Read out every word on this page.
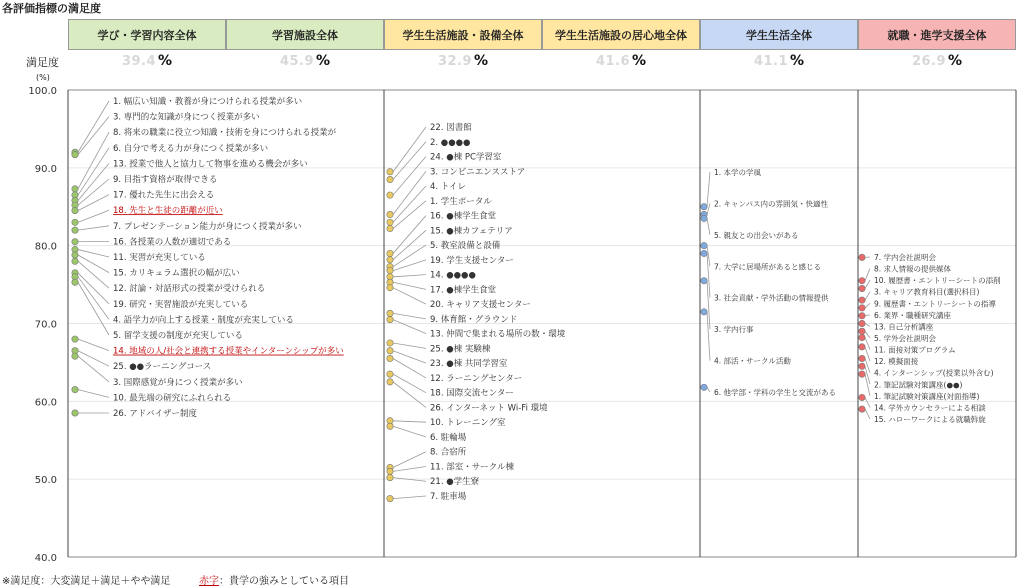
各評価指標の満足度
学び・学習内容全体	学習施設全体	学生生活施設・設備全体	学生生活施設の居心地全体	学生生活全体	就職・進学支援全体
満足度
(%)
39.4 %	45.9 %	32.9 %	41.6 %	41.1 %	26.9 %
100.0
90.0
80.0
70.0
60.0
50.0
40.0
1. 幅広い知識・教養が身につけられる授業が多い
3. 専門的な知識が身につく授業が多い
8. 将来の職業に役立つ知識・技術を身につけられる授業が
6. 自分で考える力が身につく授業が多い
13. 授業で他人と協力して物事を進める機会が多い
9. 目指す資格が取得できる
17. 優れた先生に出会える
18. 先生と生徒の距離が近い
7. プレゼンテーション能力が身につく授業が多い
16. 各授業の人数が適切である
11. 実習が充実している
15. カリキュラム選択の幅が広い
12. 討論・対話形式の授業が受けられる
19. 研究・実習施設が充実している
4. 語学力が向上する授業・制度が充実している
5. 留学支援の制度が充実している
14. 地域の人/社会と連携する授業やインターンシップが多い
25. ●●ラーニングコース
3. 国際感覚が身につく授業が多い
10. 最先端の研究にふれられる
26. アドバイザー制度
22. 図書館
2. ●●●●
24. ●棟 PC学習室
3. コンビニエンスストア
4. トイレ
1. 学生ポータル
16. ●棟学生食堂
15. ●棟カフェテリア
5. 教室設備と設備
19. 学生支援センター
14. ●●●●
17. ●棟学生食堂
20. キャリア支援センター
9. 体育館・グラウンド
13. 仲間で集まれる場所の数・環境
25. ●棟 実験棟
23. ●棟 共同学習室
12. ラーニングセンター
18. 国際交流センター
26. インターネット Wi-Fi 環境
10. トレーニング室
6. 駐輪場
8. 合宿所
11. 部室・サークル棟
21. ●学生寮
7. 駐車場
1. 本学の学風
2. キャンパス内の雰囲気・快適性
5. 親友との出会いがある
7. 大学に居場所があると感じる
3. 社会貢献・学外活動の情報提供
3. 学内行事
4. 部活・サークル活動
6. 他学部・学科の学生と交流がある
7. 学内会社説明会
8. 求人情報の提供媒体
10. 履歴書・エントリーシートの添削
3. キャリア教育科目(選択科目)
9. 履歴書・エントリーシートの指導
6. 業界・職種研究講座
13. 自己分析講座
5. 学外会社説明会
11. 面接対策プログラム
12. 模擬面接
4. インターンシップ(授業以外含む)
2. 筆記試験対策講座(●●)
1. 筆記試験対策講座(対面指導)
14. 学外カウンセラーによる相談
15. ハローワークによる就職斡旋
※満足度：大変満足＋満足＋やや満足	赤字：貴学の強みとしている項目
